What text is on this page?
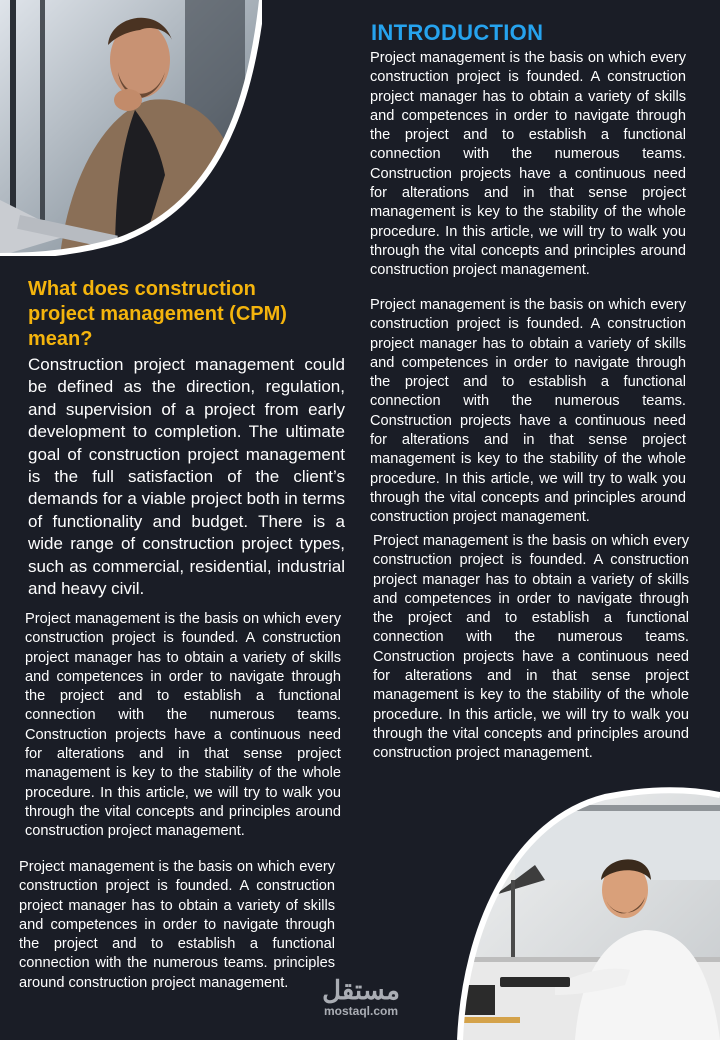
INTRODUCTION

Project management is the basis on which every construction project is founded. A construction project manager has to obtain a variety of skills and competences in order to navigate through the project and to establish a functional connection with the numerous teams. Construction projects have a continuous need for alterations and in that sense project management is key to the stability of the whole procedure. In this article, we will try to walk you through the vital concepts and principles around construction project management.

Project management is the basis on which every construction project is founded. A construction project manager has to obtain a variety of skills and competences in order to navigate through the project and to establish a functional connection with the numerous teams. Construction projects have a continuous need for alterations and in that sense project management is key to the stability of the whole procedure. In this article, we will try to walk you through the vital concepts and principles around construction project management.

Project management is the basis on which every construction project is founded. A construction project manager has to obtain a variety of skills and competences in order to navigate through the project and to establish a functional connection with the numerous teams. Construction projects have a continuous need for alterations and in that sense project management is key to the stability of the whole procedure. In this article, we will try to walk you through the vital concepts and principles around construction project management.

What does construction project management (CPM) mean?

Construction project management could be defined as the direction, regulation, and supervision of a project from early development to completion. The ultimate goal of construction project management is the full satisfaction of the client’s demands for a viable project both in terms of functionality and budget. There is a wide range of construction project types, such as commercial, residential, industrial and heavy civil.

Project management is the basis on which every construction project is founded. A construction project manager has to obtain a variety of skills and competences in order to navigate through the project and to establish a functional connection with the numerous teams. Construction projects have a continuous need for alterations and in that sense project management is key to the stability of the whole procedure. In this article, we will try to walk you through the vital concepts and principles around construction project management.

Project management is the basis on which every construction project is founded. A construction project manager has to obtain a variety of skills and competences in order to navigate through the project and to establish a functional connection with the numerous teams. principles around construction project management.	مستقل
mostaql.com
